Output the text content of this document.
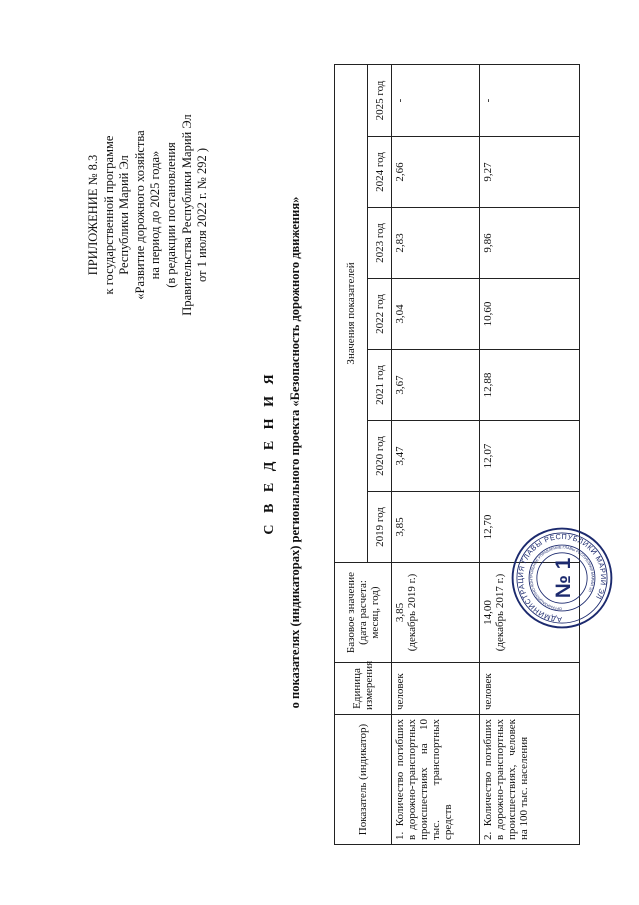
ПРИЛОЖЕНИЕ № 8.3 к государственной программе Республики Марий Эл «Развитие дорожного хозяйства на период до 2025 года» (в редакции постановления Правительства Республики Марий Эл от 1 июля 2022 г. № 292 )
С В Е Д Е Н И Я о показателях (индикаторах) регионального проекта «Безопасность дорожного движения»
Показатель (индикатор)	Единица измерения	Базовое значение (дата расчета: месяц, год)	Значения показателей						
			2019 год	2020 год	2021 год	2022 год	2023 год	2024 год	2025 год
1. Количество погибших в дорожно-транспортных происшествиях на 10 тыс. транспортных средств	человек	3,85 (декабрь 2019 г.)	3,85	3,47	3,67	3,04	2,83	2,66	-
2. Количество погибших в дорожно-транспортных происшествиях, человек на 100 тыс. населения	человек	14,00 (декабрь 2017 г.)	12,70	12,07	12,88	10,60	9,86	9,27	-
АДМИНИСТРАЦИЯ ГЛАВЫ РЕСПУБЛИКИ МАРИЙ ЭЛ
ОРГАНИЗАЦИОННО-КОНТРОЛЬНОЕ УПРАВЛЕНИЕ ГЛАВЫ РЕСПУБЛИКИ МАРИЙ ЭЛ
№ 1
